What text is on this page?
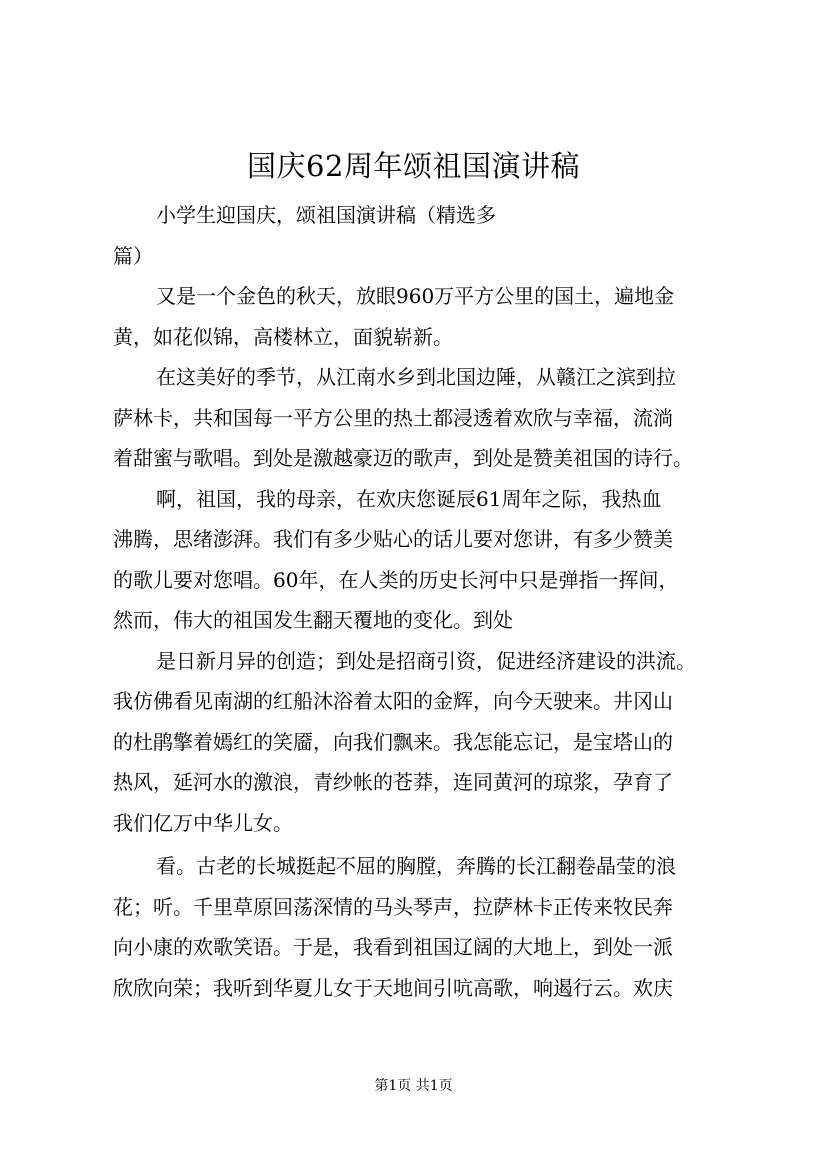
国庆62周年颂祖国演讲稿
小学生迎国庆，颂祖国演讲稿（精选多
篇）
又是一个金色的秋天，放眼960万平方公里的国土，遍地金
黄，如花似锦，高楼林立，面貌崭新。
在这美好的季节，从江南水乡到北国边陲，从赣江之滨到拉
萨林卡，共和国每一平方公里的热土都浸透着欢欣与幸福，流淌
着甜蜜与歌唱。到处是激越豪迈的歌声，到处是赞美祖国的诗行。
啊，祖国，我的母亲，在欢庆您诞辰61周年之际，我热血
沸腾，思绪澎湃。我们有多少贴心的话儿要对您讲，有多少赞美
的歌儿要对您唱。60年，在人类的历史长河中只是弹指一挥间，
然而，伟大的祖国发生翻天覆地的变化。到处
是日新月异的创造；到处是招商引资，促进经济建设的洪流。
我仿佛看见南湖的红船沐浴着太阳的金辉，向今天驶来。井冈山
的杜鹃擎着嫣红的笑靥，向我们飘来。我怎能忘记，是宝塔山的
热风，延河水的激浪，青纱帐的苍莽，连同黄河的琼浆，孕育了
我们亿万中华儿女。
看。古老的长城挺起不屈的胸膛，奔腾的长江翻卷晶莹的浪
花；听。千里草原回荡深情的马头琴声，拉萨林卡正传来牧民奔
向小康的欢歌笑语。于是，我看到祖国辽阔的大地上，到处一派
欣欣向荣；我听到华夏儿女于天地间引吭高歌，响遏行云。欢庆
第1页 共1页
